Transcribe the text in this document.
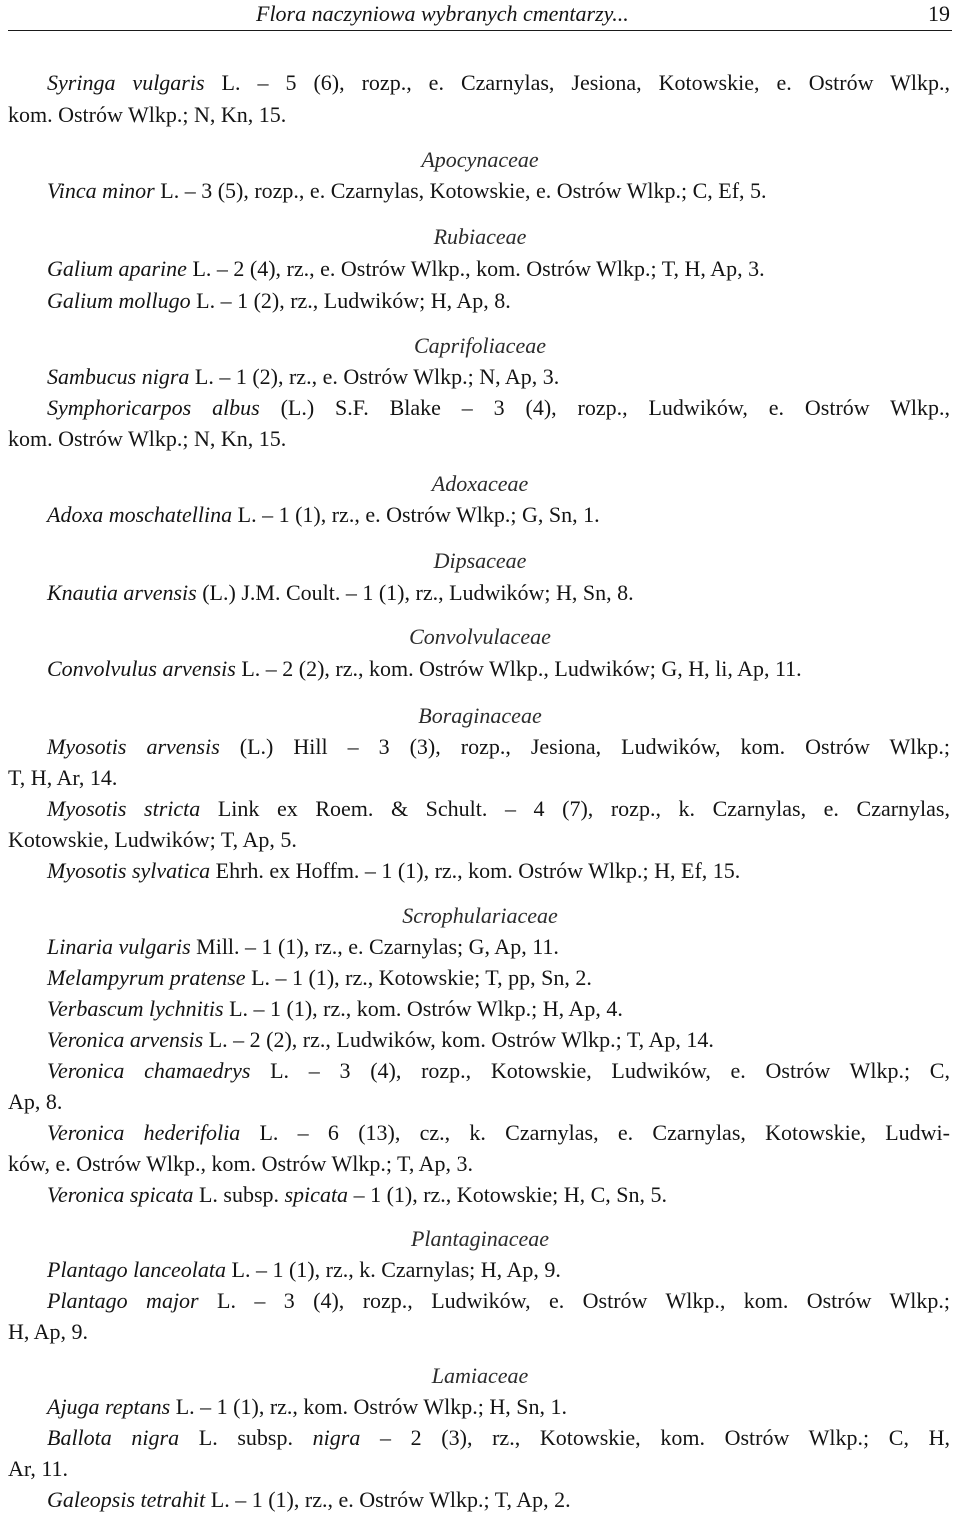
Flora naczyniowa wybranych cmentarzy...	19
Syringa vulgaris L. – 5 (6), rozp., e. Czarnylas, Jesiona, Kotowskie, e. Ostrów Wlkp.,
kom. Ostrów Wlkp.; N, Kn, 15.
Apocynaceae
Vinca minor L. – 3 (5), rozp., e. Czarnylas, Kotowskie, e. Ostrów Wlkp.; C, Ef, 5.
Rubiaceae
Galium aparine L. – 2 (4), rz., e. Ostrów Wlkp., kom. Ostrów Wlkp.; T, H, Ap, 3.
Galium mollugo L. – 1 (2), rz., Ludwików; H, Ap, 8.
Caprifoliaceae
Sambucus nigra L. – 1 (2), rz., e. Ostrów Wlkp.; N, Ap, 3.
Symphoricarpos albus (L.) S.F. Blake – 3 (4), rozp., Ludwików, e. Ostrów Wlkp.,
kom. Ostrów Wlkp.; N, Kn, 15.
Adoxaceae
Adoxa moschatellina L. – 1 (1), rz., e. Ostrów Wlkp.; G, Sn, 1.
Dipsaceae
Knautia arvensis (L.) J.M. Coult. – 1 (1), rz., Ludwików; H, Sn, 8.
Convolvulaceae
Convolvulus arvensis L. – 2 (2), rz., kom. Ostrów Wlkp., Ludwików; G, H, li, Ap, 11.
Boraginaceae
Myosotis arvensis (L.) Hill – 3 (3), rozp., Jesiona, Ludwików, kom. Ostrów Wlkp.;
T, H, Ar, 14.
Myosotis stricta Link ex Roem. & Schult. – 4 (7), rozp., k. Czarnylas, e. Czarnylas,
Kotowskie, Ludwików; T, Ap, 5.
Myosotis sylvatica Ehrh. ex Hoffm. – 1 (1), rz., kom. Ostrów Wlkp.; H, Ef, 15.
Scrophulariaceae
Linaria vulgaris Mill. – 1 (1), rz., e. Czarnylas; G, Ap, 11.
Melampyrum pratense L. – 1 (1), rz., Kotowskie; T, pp, Sn, 2.
Verbascum lychnitis L. – 1 (1), rz., kom. Ostrów Wlkp.; H, Ap, 4.
Veronica arvensis L. – 2 (2), rz., Ludwików, kom. Ostrów Wlkp.; T, Ap, 14.
Veronica chamaedrys L. – 3 (4), rozp., Kotowskie, Ludwików, e. Ostrów Wlkp.; C,
Ap, 8.
Veronica hederifolia L. – 6 (13), cz., k. Czarnylas, e. Czarnylas, Kotowskie, Ludwi-
ków, e. Ostrów Wlkp., kom. Ostrów Wlkp.; T, Ap, 3.
Veronica spicata L. subsp. spicata – 1 (1), rz., Kotowskie; H, C, Sn, 5.
Plantaginaceae
Plantago lanceolata L. – 1 (1), rz., k. Czarnylas; H, Ap, 9.
Plantago major L. – 3 (4), rozp., Ludwików, e. Ostrów Wlkp., kom. Ostrów Wlkp.;
H, Ap, 9.
Lamiaceae
Ajuga reptans L. – 1 (1), rz., kom. Ostrów Wlkp.; H, Sn, 1.
Ballota nigra L. subsp. nigra – 2 (3), rz., Kotowskie, kom. Ostrów Wlkp.; C, H,
Ar, 11.
Galeopsis tetrahit L. – 1 (1), rz., e. Ostrów Wlkp.; T, Ap, 2.
